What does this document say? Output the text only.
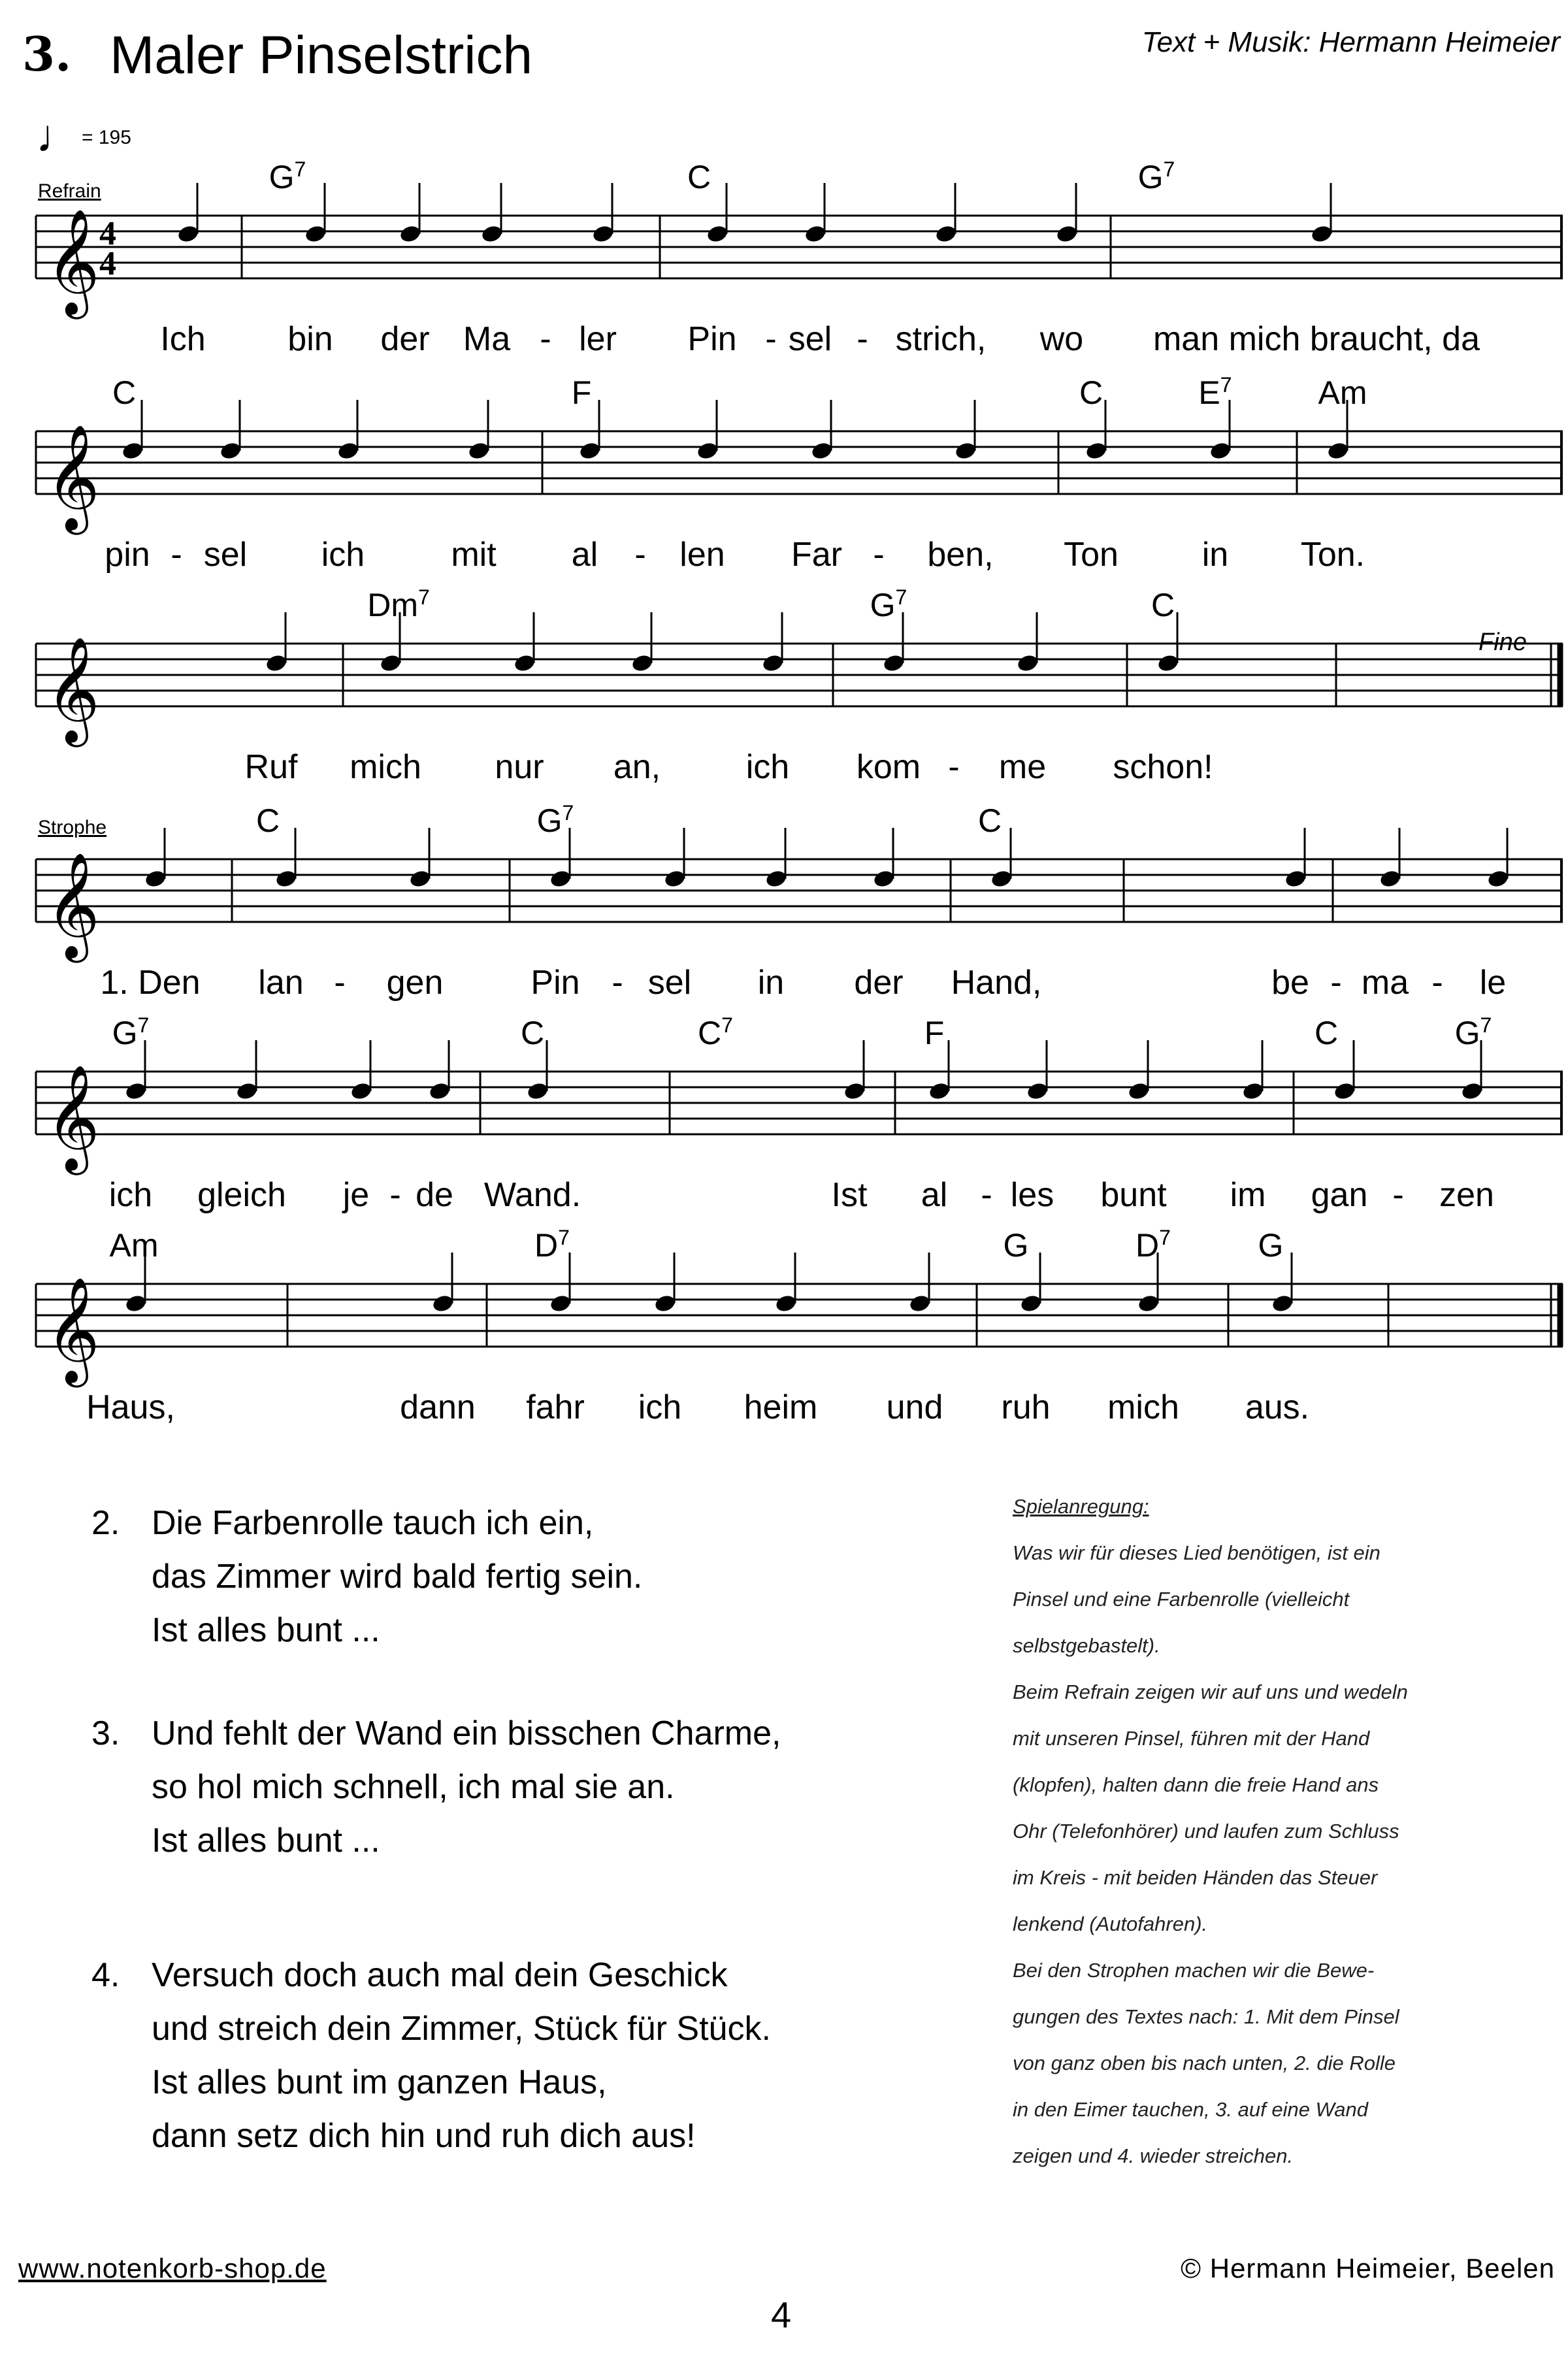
3. Maler Pinselstrich	Text + Musik: Hermann Heimeier
♩= 195
Refrain
Strophe
𝄞 4
4
$G^7$	C	$G^7$
Ich bin der Ma - ler Pin - sel - strich, wo man mich braucht, da
𝄞
C	F	C	$E^7$	Am
pin - sel ich	mit al - len Far - ben, Ton in Ton.
𝄞
Dm$^7$	$G^7$	C
Ruf mich nur an,	ich kom - me schon!
𝄞
C	$G^7$	C
1. Den lan - gen	Pin - sel in der Hand,	be - ma - le
𝄞
$G^7$	C	$C^7$	F	C	$G^7$
ich gleich je - de Wand.	Ist al - les bunt im gan - zen
𝄞
Am	$D^7$	G	$D^7$	G
Haus,	dann fahr ich heim und ruh mich aus.
Fine
2. Die Farbenrolle tauch ich ein,
das Zimmer wird bald fertig sein.
Ist alles bunt ...
3. Und fehlt der Wand ein bisschen Charme,
so hol mich schnell, ich mal sie an.
Ist alles bunt ...
4. Versuch doch auch mal dein Geschick
und streich dein Zimmer, Stück für Stück.
Ist alles bunt im ganzen Haus,
dann setz dich hin und ruh dich aus!
Spielanregung:
Was wir für dieses Lied benötigen, ist ein
Pinsel und eine Farbenrolle (vielleicht
selbstgebastelt).
Beim Refrain zeigen wir auf uns und wedeln
mit unseren Pinsel, führen mit der Hand
(klopfen), halten dann die freie Hand ans
Ohr (Telefonhörer) und laufen zum Schluss
im Kreis - mit beiden Händen das Steuer
lenkend (Autofahren).
Bei den Strophen machen wir die Bewe-
gungen des Textes nach: 1. Mit dem Pinsel
von ganz oben bis nach unten, 2. die Rolle
in den Eimer tauchen, 3. auf eine Wand
zeigen und 4. wieder streichen.
www.notenkorb-shop.de	© Hermann Heimeier, Beelen
4
